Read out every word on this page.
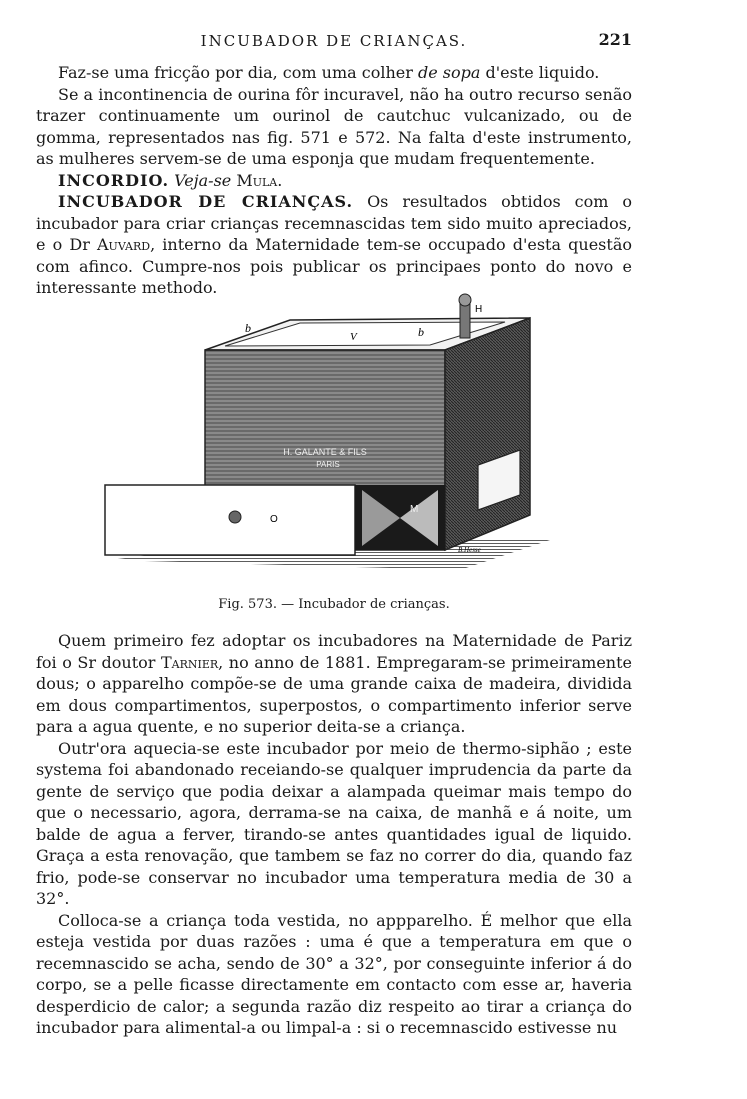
INCUBADOR DE CRIANÇAS.	221

Faz-se uma fricção por dia, com uma colher de sopa d'este liquido.

Se a incontinencia de ourina fôr incuravel, não ha outro recurso senão trazer continuamente um ourinol de cautchuc vulcanizado, ou de gomma, representados nas fig. 571 e 572. Na falta d'este instrumento, as mulheres servem-se de uma esponja que mudam frequentemente.

INCORDIO. Veja-se Mula.

INCUBADOR DE CRIANÇAS. Os resultados obtidos com o incubador para criar crianças recemnascidas tem sido muito apreciados, e o Dr Auvard, interno da Maternidade tem-se occupado d'esta questão com afinco. Cumpre-nos pois publicar os principaes ponto do novo e interessante methodo.

H. GALANTE & FILS
PARIS
b	b
V
H
M
O
B.Hesse
Fig. 573. — Incubador de crianças.

Quem primeiro fez adoptar os incubadores na Maternidade de Pariz foi o Sr doutor Tarnier, no anno de 1881. Empregaram-se primeiramente dous; o apparelho compõe-se de uma grande caixa de madeira, dividida em dous compartimentos, superpostos, o compartimento inferior serve para a agua quente, e no superior deita-se a criança.

Outr'ora aquecia-se este incubador por meio de thermo-siphão ; este systema foi abandonado receiando-se qualquer imprudencia da parte da gente de serviço que podia deixar a alampada queimar mais tempo do que o necessario, agora, derrama-se na caixa, de manhã e á noite, um balde de agua a ferver, tirando-se antes quantidades igual de liquido. Graça a esta renovação, que tambem se faz no correr do dia, quando faz frio, pode-se conservar no incubador uma temperatura media de 30 a 32°.

Colloca-se a criança toda vestida, no appparelho. É melhor que ella esteja vestida por duas razões : uma é que a temperatura em que o recemnascido se acha, sendo de 30° a 32°, por conseguinte inferior á do corpo, se a pelle ficasse directamente em contacto com esse ar, haveria desperdicio de calor; a segunda razão diz respeito ao tirar a criança do incubador para alimental-a ou limpal-a : si o recemnascido estivesse nu
